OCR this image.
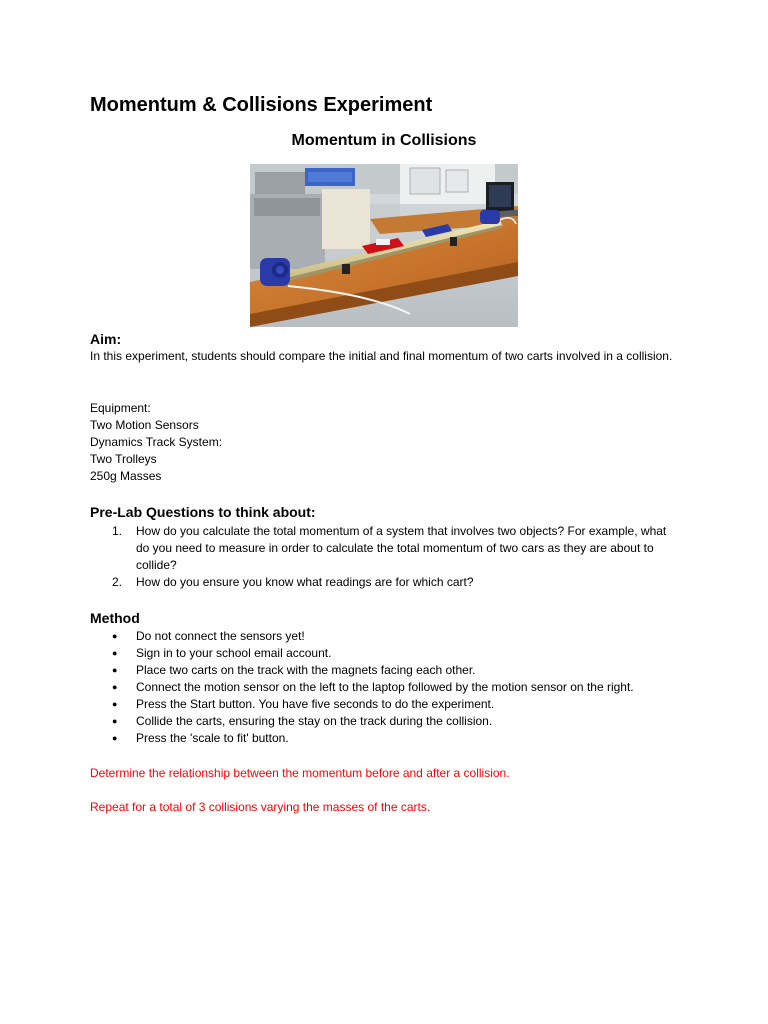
Momentum & Collisions Experiment
Momentum in Collisions
Aim:

In this experiment, students should compare the initial and final momentum of two carts involved in a collision.

Equipment:
Two Motion Sensors
Dynamics Track System:
Two Trolleys
250g Masses

Pre-Lab Questions to think about:
1. How do you calculate the total momentum of a system that involves two objects? For example, what do you need to measure in order to calculate the total momentum of two cars as they are about to collide?
2. How do you ensure you know what readings are for which cart?
Method
● Do not connect the sensors yet!
● Sign in to your school email account.
● Place two carts on the track with the magnets facing each other.
● Connect the motion sensor on the left to the laptop followed by the motion sensor on the right.
● Press the Start button. You have five seconds to do the experiment.
● Collide the carts, ensuring the stay on the track during the collision.
● Press the 'scale to fit' button.

Determine the relationship between the momentum before and after a collision.

Repeat for a total of 3 collisions varying the masses of the carts.
